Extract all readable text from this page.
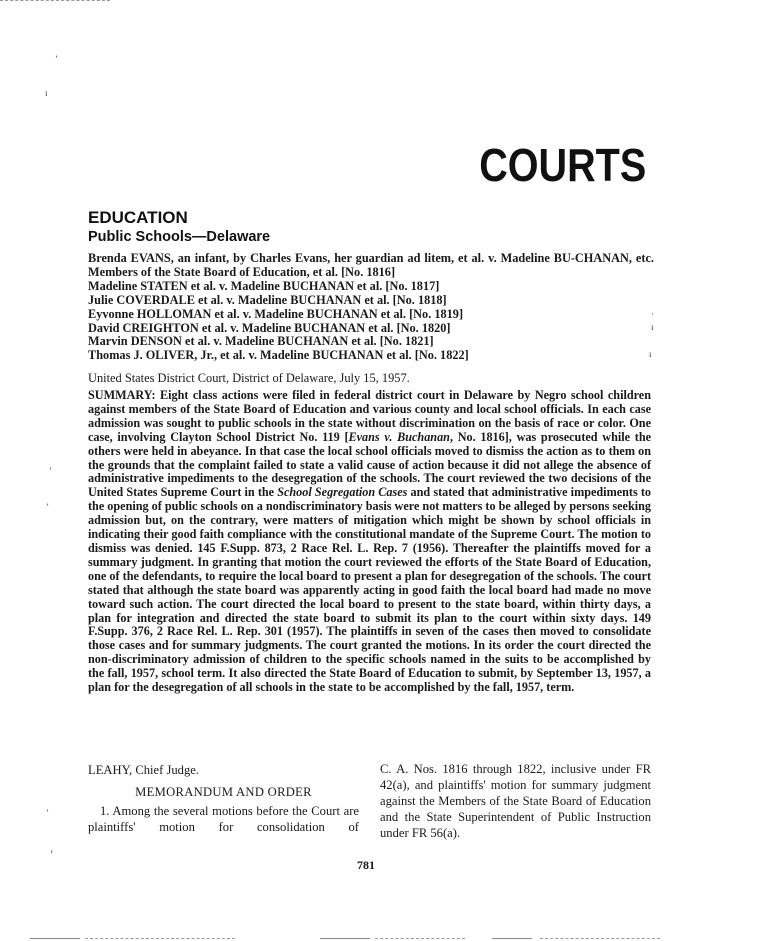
ʼ
ɪ
ʼ
ʼ
ʼ
›
·
ı
ı
COURTS
EDUCATION
Public Schools—Delaware
Brenda EVANS, an infant, by Charles Evans, her guardian ad litem, et al. v. Madeline BU-CHANAN, etc. Members of the State Board of Education, et al. [No. 1816]
Madeline STATEN et al. v. Madeline BUCHANAN et al. [No. 1817]
Julie COVERDALE et al. v. Madeline BUCHANAN et al. [No. 1818]
Eyvonne HOLLOMAN et al. v. Madeline BUCHANAN et al. [No. 1819]
David CREIGHTON et al. v. Madeline BUCHANAN et al. [No. 1820]
Marvin DENSON et al. v. Madeline BUCHANAN et al. [No. 1821]
Thomas J. OLIVER, Jr., et al. v. Madeline BUCHANAN et al. [No. 1822]
United States District Court, District of Delaware, July 15, 1957.
SUMMARY: Eight class actions were filed in federal district court in Delaware by Negro school children against members of the State Board of Education and various county and local school officials. In each case admission was sought to public schools in the state without discrimination on the basis of race or color. One case, involving Clayton School District No. 119 [Evans v. Buchanan, No. 1816], was prosecuted while the others were held in abeyance. In that case the local school officials moved to dismiss the action as to them on the grounds that the complaint failed to state a valid cause of action because it did not allege the absence of administrative impediments to the desegregation of the schools. The court reviewed the two decisions of the United States Supreme Court in the School Segregation Cases and stated that administrative impediments to the opening of public schools on a nondiscriminatory basis were not matters to be alleged by persons seeking admission but, on the contrary, were matters of mitigation which might be shown by school officials in indicating their good faith compliance with the constitutional mandate of the Supreme Court. The motion to dismiss was denied. 145 F.Supp. 873, 2 Race Rel. L. Rep. 7 (1956). Thereafter the plaintiffs moved for a summary judgment. In granting that motion the court reviewed the efforts of the State Board of Education, one of the defendants, to require the local board to present a plan for desegregation of the schools. The court stated that although the state board was apparently acting in good faith the local board had made no move toward such action. The court directed the local board to present to the state board, within thirty days, a plan for integration and directed the state board to submit its plan to the court within sixty days. 149 F.Supp. 376, 2 Race Rel. L. Rep. 301 (1957). The plaintiffs in seven of the cases then moved to consolidate those cases and for summary judgments. The court granted the motions. In its order the court directed the non-discriminatory admission of children to the specific schools named in the suits to be accomplished by the fall, 1957, school term. It also directed the State Board of Education to submit, by September 13, 1957, a plan for the desegregation of all schools in the state to be accomplished by the fall, 1957, term.
LEAHY, Chief Judge.
MEMORANDUM AND ORDER
1. Among the several motions before the Court are plaintiffs' motion for consolidation of
C. A. Nos. 1816 through 1822, inclusive under FR 42(a), and plaintiffs' motion for summary judgment against the Members of the State Board of Education and the State Superintendent of Public Instruction under FR 56(a).
781
